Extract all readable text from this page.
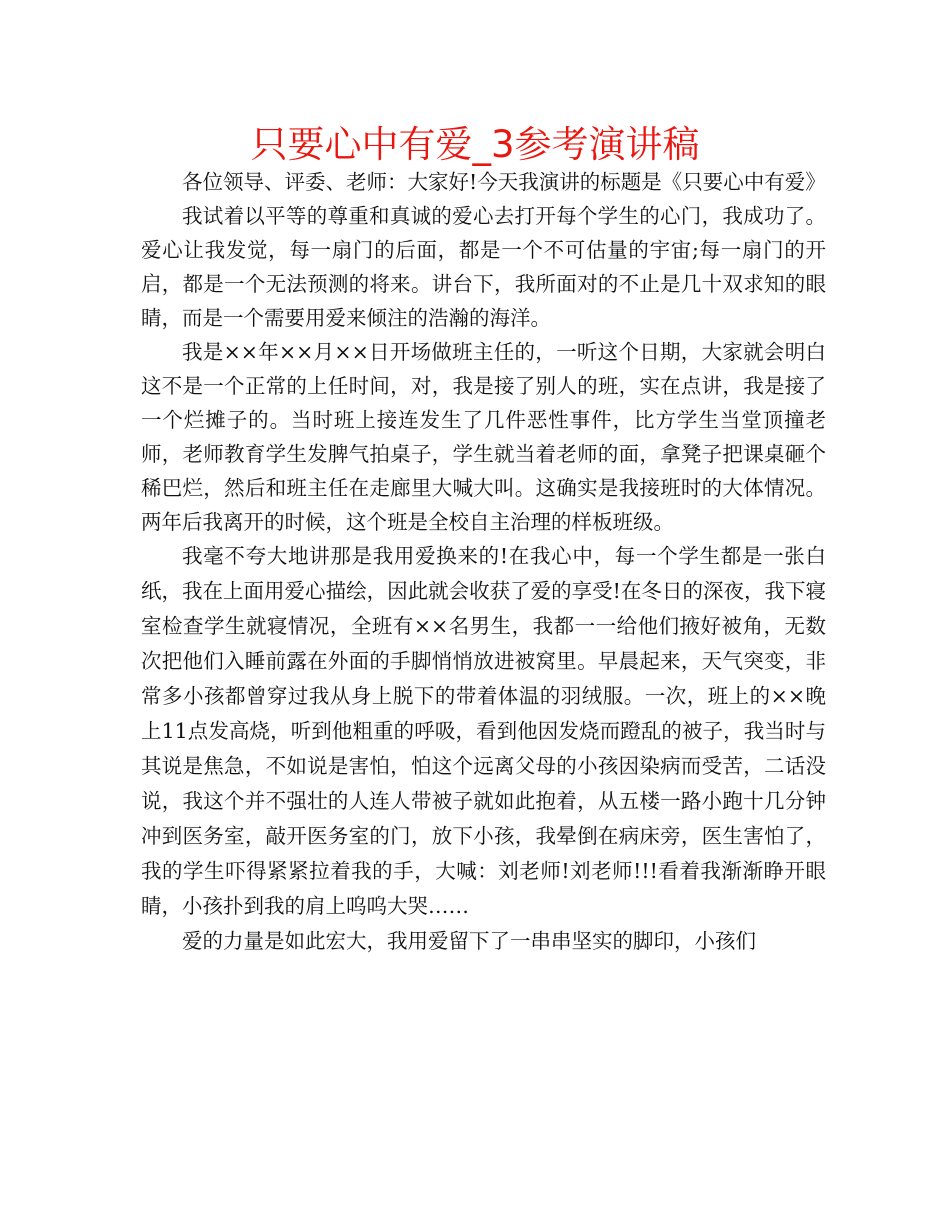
只要心中有爱_3参考演讲稿

各位领导、评委、老师：大家好!今天我演讲的标题是《只要心中有爱》

我试着以平等的尊重和真诚的爱心去打开每个学生的心门，我成功了。爱心让我发觉，每一扇门的后面，都是一个不可估量的宇宙;每一扇门的开启，都是一个无法预测的将来。讲台下，我所面对的不止是几十双求知的眼睛，而是一个需要用爱来倾注的浩瀚的海洋。

我是××年××月××日开场做班主任的，一听这个日期，大家就会明白这不是一个正常的上任时间，对，我是接了别人的班，实在点讲，我是接了一个烂摊子的。当时班上接连发生了几件恶性事件，比方学生当堂顶撞老师，老师教育学生发脾气拍桌子，学生就当着老师的面，拿凳子把课桌砸个稀巴烂，然后和班主任在走廊里大喊大叫。这确实是我接班时的大体情况。两年后我离开的时候，这个班是全校自主治理的样板班级。

我毫不夸大地讲那是我用爱换来的!在我心中，每一个学生都是一张白纸，我在上面用爱心描绘，因此就会收获了爱的享受!在冬日的深夜，我下寝室检查学生就寝情况，全班有××名男生，我都一一给他们掖好被角，无数次把他们入睡前露在外面的手脚悄悄放进被窝里。早晨起来，天气突变，非常多小孩都曾穿过我从身上脱下的带着体温的羽绒服。一次，班上的××晚上11点发高烧，听到他粗重的呼吸，看到他因发烧而蹬乱的被子，我当时与其说是焦急，不如说是害怕，怕这个远离父母的小孩因染病而受苦，二话没说，我这个并不强壮的人连人带被子就如此抱着，从五楼一路小跑十几分钟冲到医务室，敲开医务室的门，放下小孩，我晕倒在病床旁，医生害怕了，我的学生吓得紧紧拉着我的手，大喊：刘老师!刘老师!!!看着我渐渐睁开眼睛，小孩扑到我的肩上呜呜大哭……

爱的力量是如此宏大，我用爱留下了一串串坚实的脚印，小孩们
